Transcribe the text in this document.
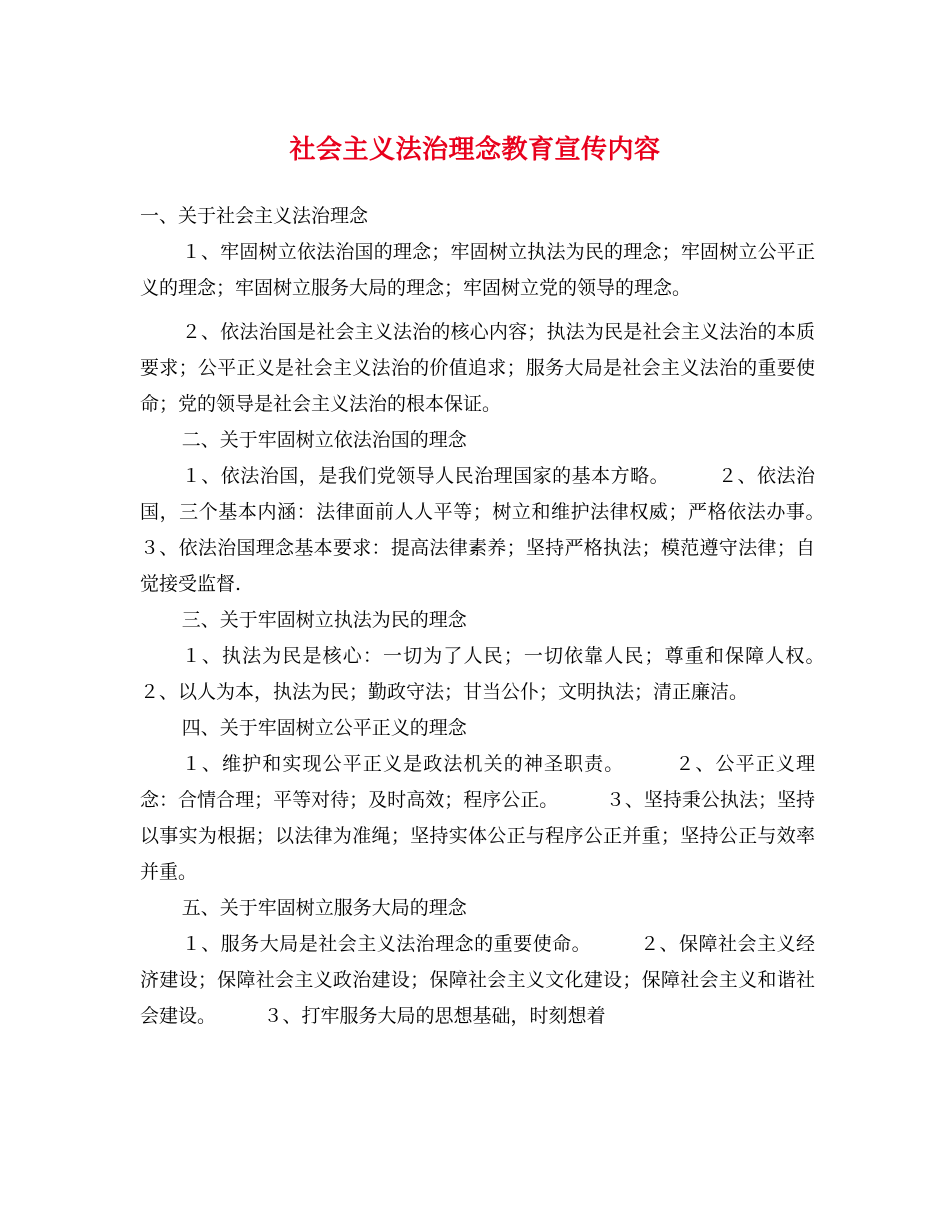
社会主义法治理念教育宣传内容

一、关于社会主义法治理念

１、牢固树立依法治国的理念；牢固树立执法为民的理念；牢固树立公平正义的理念；牢固树立服务大局的理念；牢固树立党的领导的理念。

２、依法治国是社会主义法治的核心内容；执法为民是社会主义法治的本质要求；公平正义是社会主义法治的价值追求；服务大局是社会主义法治的重要使命；党的领导是社会主义法治的根本保证。

二、关于牢固树立依法治国的理念

１、依法治国，是我们党领导人民治理国家的基本方略。　　　２、依法治国，三个基本内涵：法律面前人人平等；树立和维护法律权威；严格依法办事。　　　３、依法治国理念基本要求：提高法律素养；坚持严格执法；模范遵守法律；自觉接受监督.

三、关于牢固树立执法为民的理念

１、执法为民是核心：一切为了人民；一切依靠人民；尊重和保障人权。　　　２、以人为本，执法为民；勤政守法；甘当公仆；文明执法；清正廉洁。

四、关于牢固树立公平正义的理念

１、维护和实现公平正义是政法机关的神圣职责。　　　２、公平正义理念：合情合理；平等对待；及时高效；程序公正。　　　３、坚持秉公执法；坚持以事实为根据；以法律为准绳；坚持实体公正与程序公正并重；坚持公正与效率并重。

五、关于牢固树立服务大局的理念

１、服务大局是社会主义法治理念的重要使命。　　　２、保障社会主义经济建设；保障社会主义政治建设；保障社会主义文化建设；保障社会主义和谐社会建设。　　　３、打牢服务大局的思想基础，时刻想着
